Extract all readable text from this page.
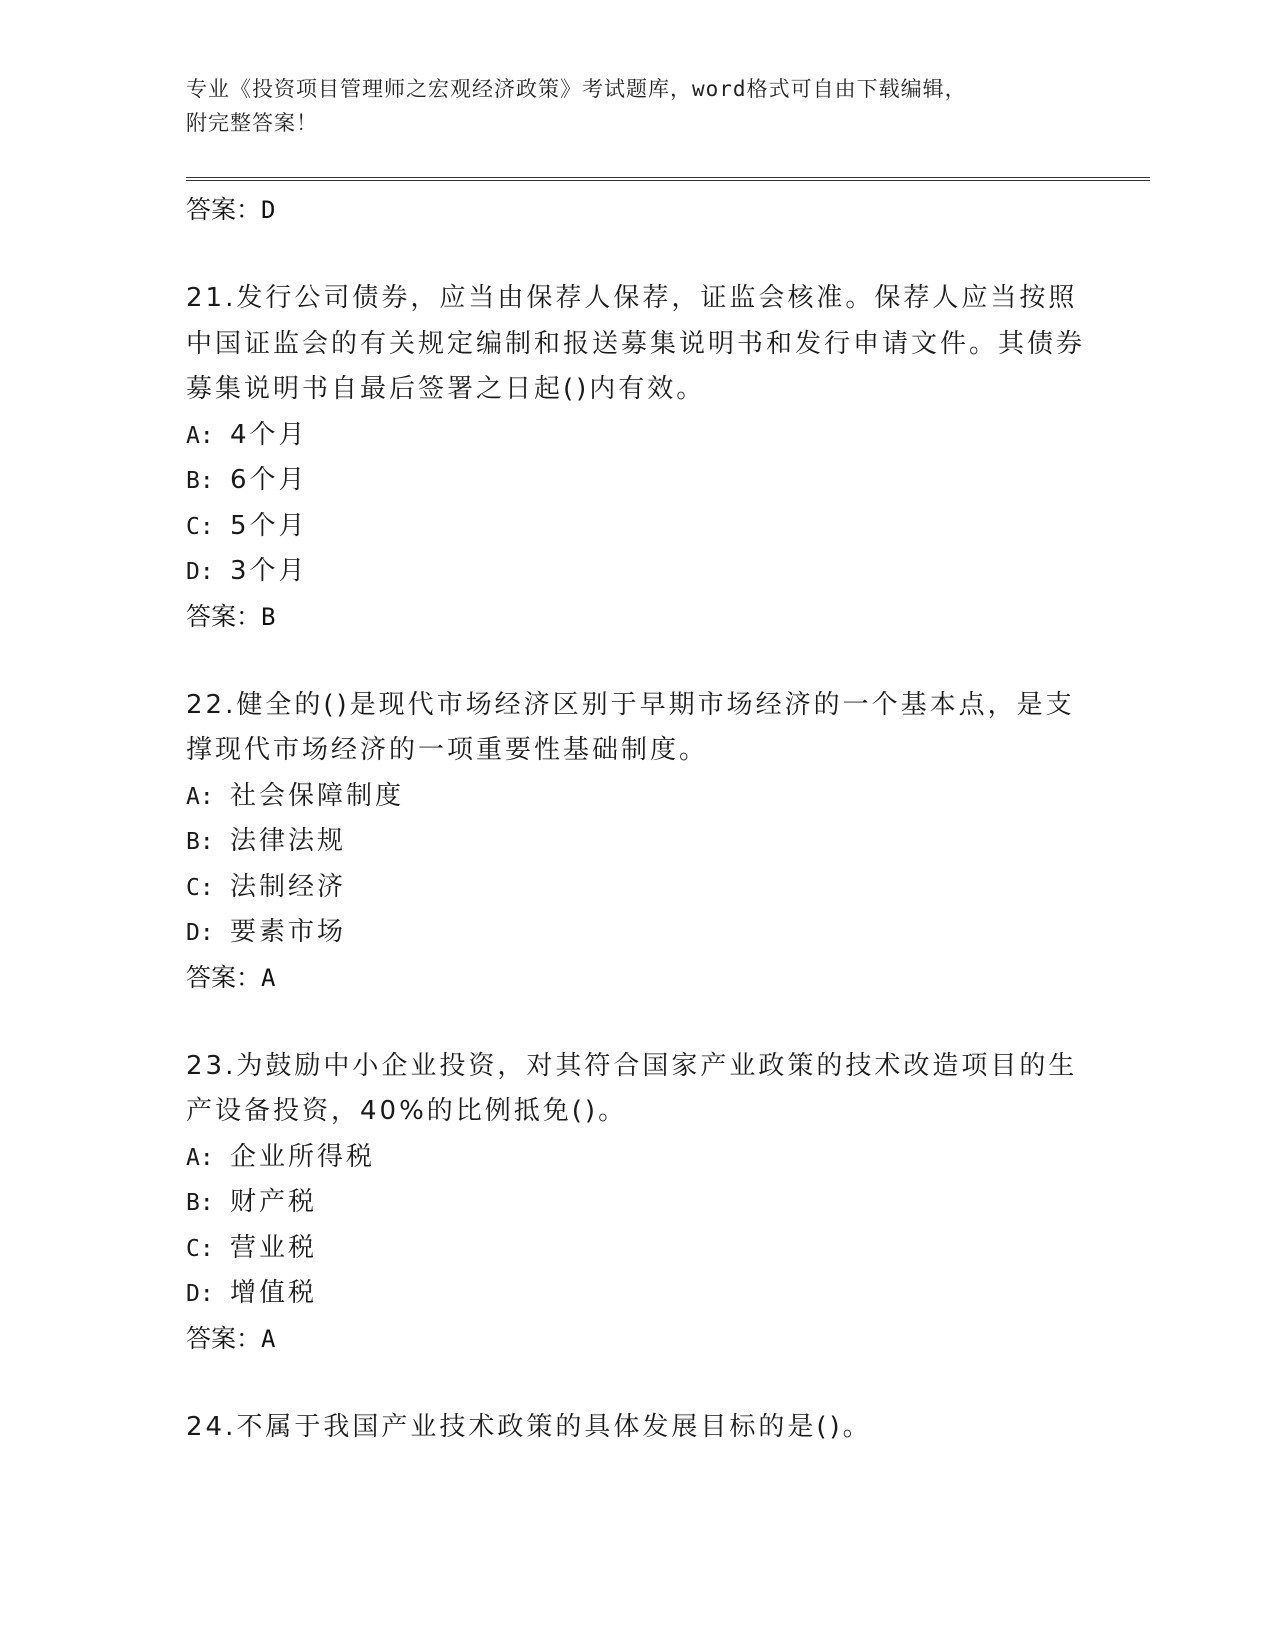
专业《投资项目管理师之宏观经济政策》考试题库，word格式可自由下载编辑，
附完整答案！
答案：D
21.发行公司债券，应当由保荐人保荐，证监会核准。保荐人应当按照中国证监会的有关规定编制和报送募集说明书和发行申请文件。其债券募集说明书自最后签署之日起()内有效。
A: 4个月
B: 6个月
C: 5个月
D: 3个月
答案：B
22.健全的()是现代市场经济区别于早期市场经济的一个基本点，是支撑现代市场经济的一项重要性基础制度。
A: 社会保障制度
B: 法律法规
C: 法制经济
D: 要素市场
答案：A
23.为鼓励中小企业投资，对其符合国家产业政策的技术改造项目的生产设备投资，40%的比例抵免()。
A: 企业所得税
B: 财产税
C: 营业税
D: 增值税
答案：A
24.不属于我国产业技术政策的具体发展目标的是()。
